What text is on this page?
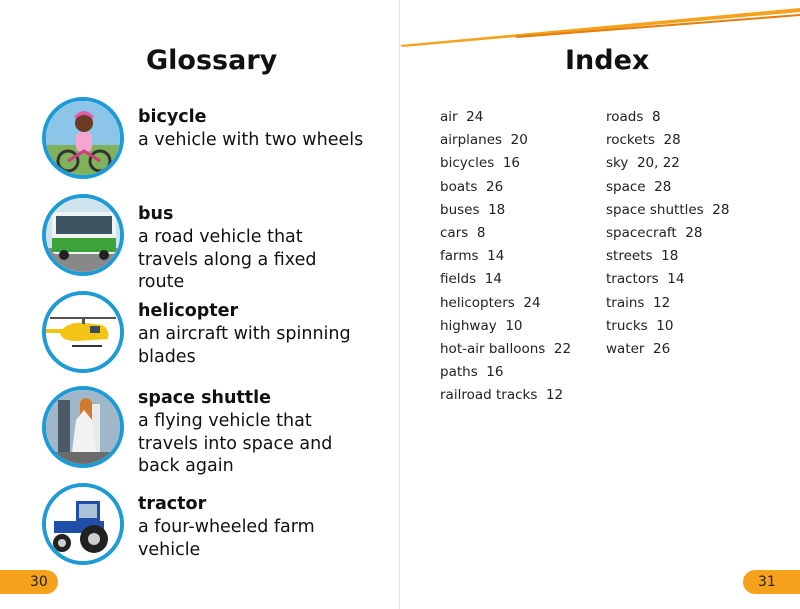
Glossary	Index
bicycle
a vehicle with two wheels
bus
a road vehicle that travels along a fixed route
helicopter
an aircraft with spinning blades
space shuttle
a flying vehicle that travels into space and back again
tractor
a four-wheeled farm vehicle
air  24
airplanes  20
bicycles  16
boats  26
buses  18
cars  8
farms  14
fields  14
helicopters  24
highway  10
hot-air balloons  22
paths  16
railroad tracks  12
roads  8
rockets  28
sky  20, 22
space  28
space shuttles  28
spacecraft  28
streets  18
tractors  14
trains  12
trucks  10
water  26
30	31
